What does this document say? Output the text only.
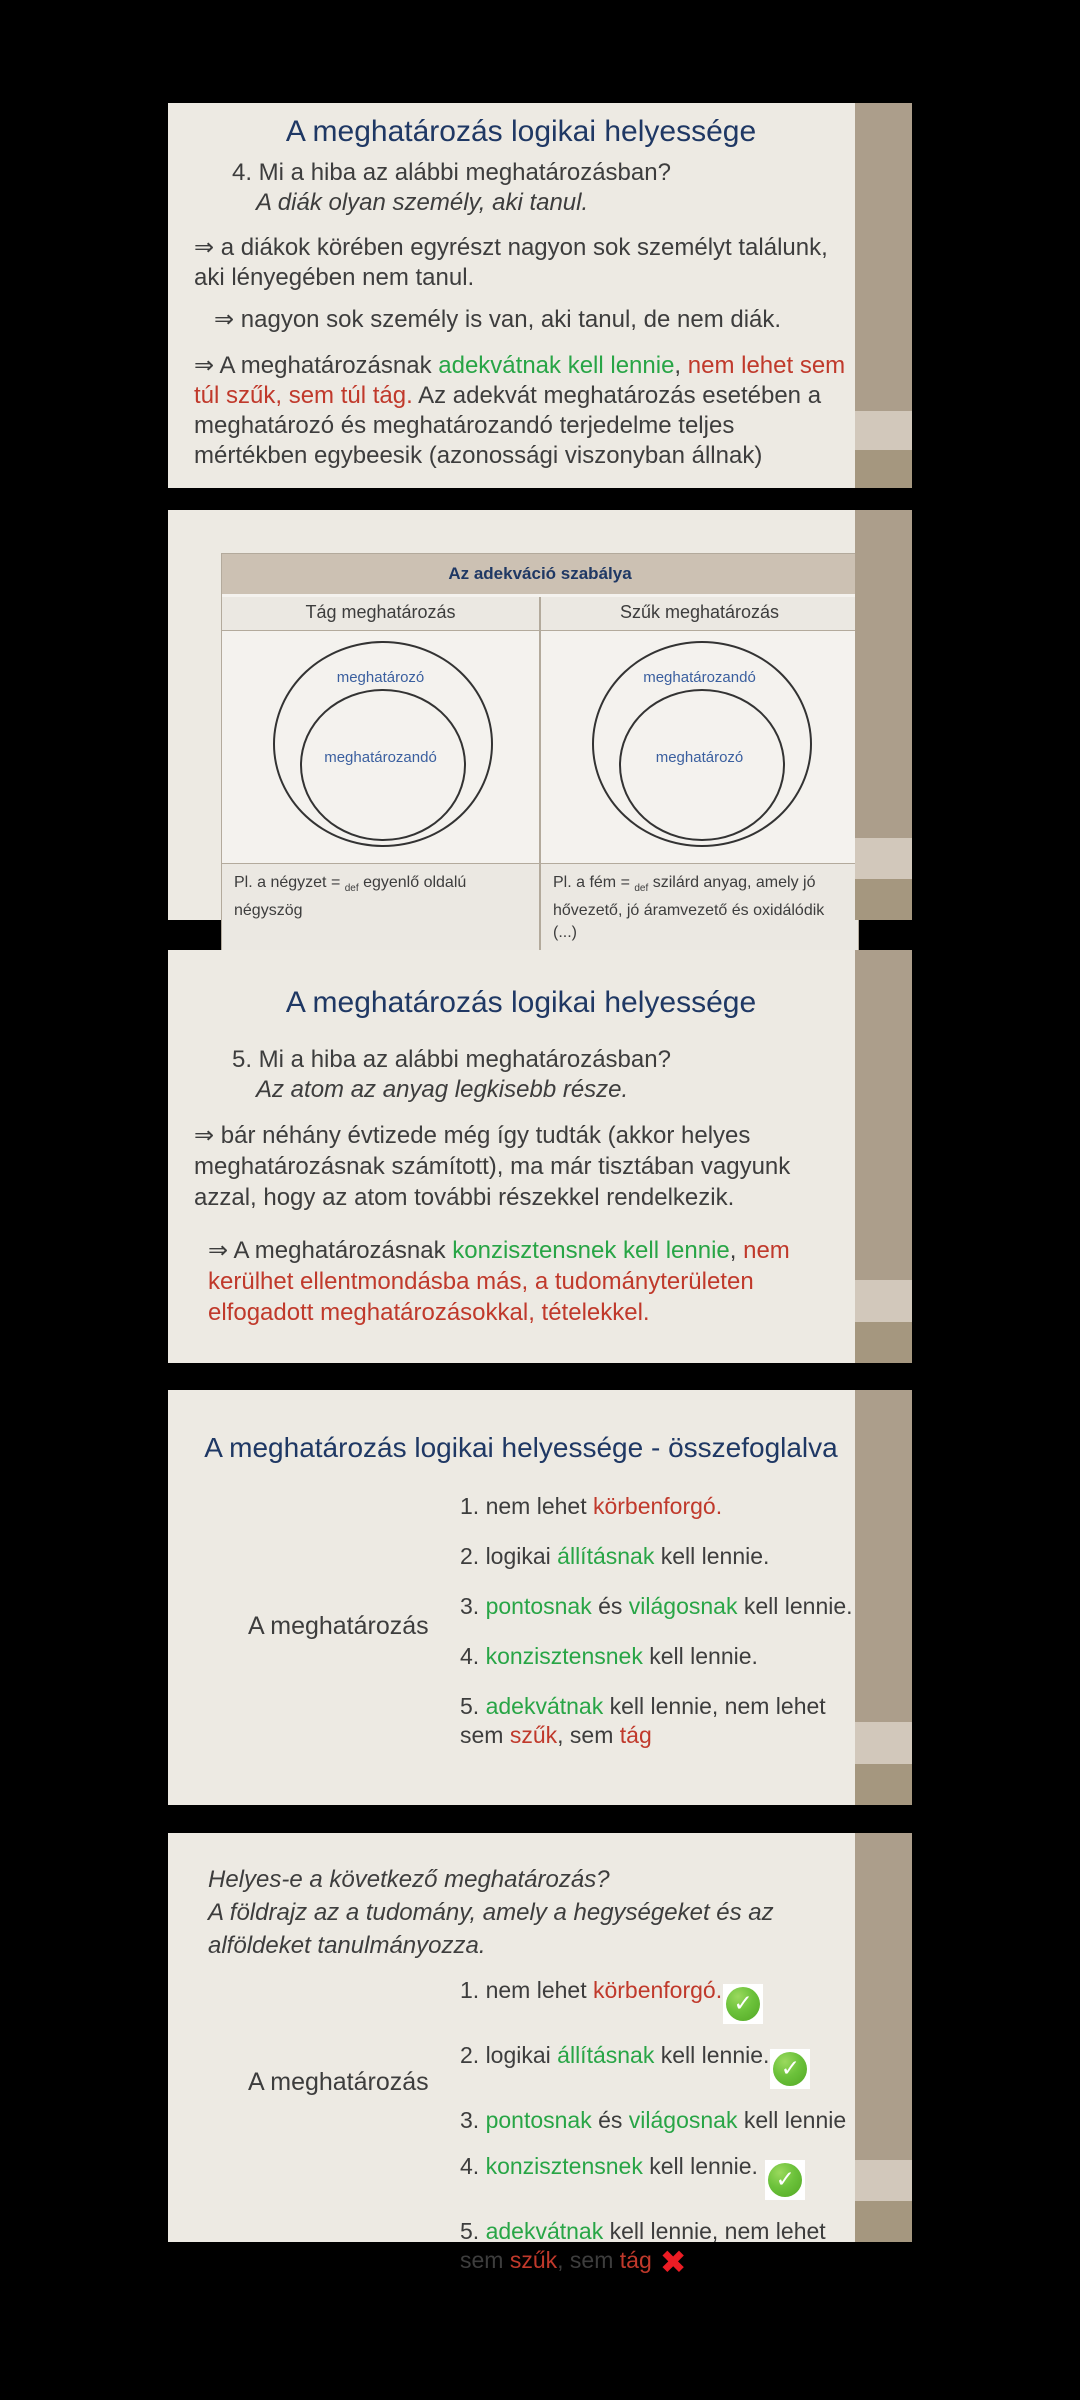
A meghatározás logikai helyessége
4. Mi a hiba az alábbi meghatározásban?
A diák olyan személy, aki tanul.
⇒ a diákok körében egyrészt nagyon sok személyt találunk, aki lényegében nem tanul.
⇒ nagyon sok személy is van, aki tanul, de nem diák.
⇒ A meghatározásnak adekvátnak kell lennie, nem lehet sem túl szűk, sem túl tág. Az adekvát meghatározás esetében a meghatározó és meghatározandó terjedelme teljes mértékben egybeesik (azonossági viszonyban állnak)
Az adekváció szabálya
Tág meghatározás	Szűk meghatározás
meghatározó
meghatározandó
meghatározandó
meghatározó
Pl. a négyzet = $_{def}$ egyenlő oldalú négyszög
Pl. a fém = $_{def}$ szilárd anyag, amely jó hővezető, jó áramvezető és oxidálódik (...)
A meghatározás logikai helyessége
5. Mi a hiba az alábbi meghatározásban?
Az atom az anyag legkisebb része.
⇒ bár néhány évtizede még így tudták (akkor helyes meghatározásnak számított), ma már tisztában vagyunk azzal, hogy az atom további részekkel rendelkezik.
⇒ A meghatározásnak konzisztensnek kell lennie, nem kerülhet ellentmondásba más, a tudományterületen elfogadott meghatározásokkal, tételekkel.
A meghatározás logikai helyessége - összefoglalva
A meghatározás
1. nem lehet körbenforgó.
2. logikai állításnak kell lennie.
3. pontosnak és világosnak kell lennie.
4. konzisztensnek kell lennie.
5. adekvátnak kell lennie, nem lehet sem szűk, sem tág
Helyes-e a következő meghatározás?
A földrajz az a tudomány, amely a hegységeket és az alföldeket tanulmányozza.
A meghatározás
1. nem lehet körbenforgó.
✓
2. logikai állításnak kell lennie.
✓
3. pontosnak és világosnak kell lennie
4. konzisztensnek kell lennie.
✓
5. adekvátnak kell lennie, nem lehet sem szűk, sem tág ✖
